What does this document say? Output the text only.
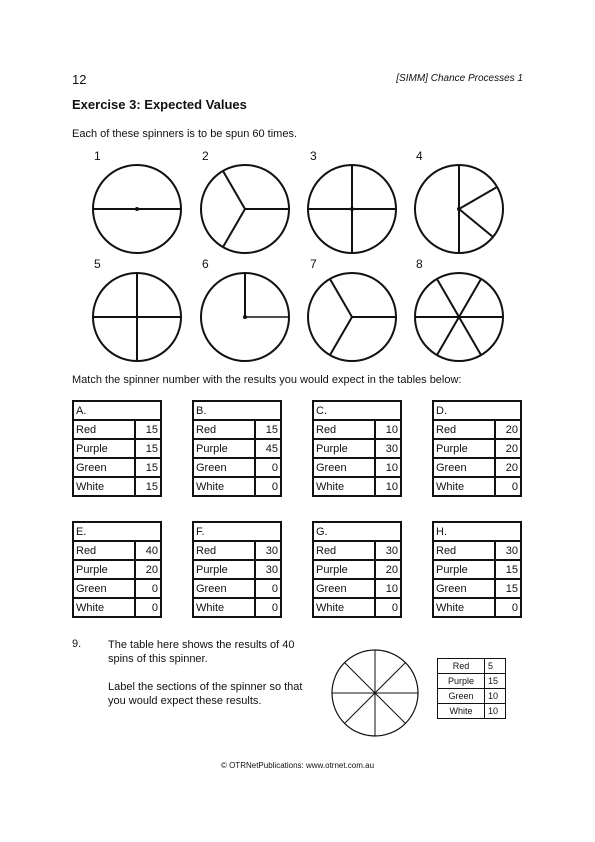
12	[SIMM] Chance Processes 1
Exercise 3: Expected Values
Each of these spinners is to be spun 60 times.
1	2	3	4
5	6	7	8
Match the spinner number with the results you would expect in the tables below:
A.	
Red	15
Purple	15
Green	15
White	15
B.	
Red	15
Purple	45
Green	0
White	0
C.	
Red	10
Purple	30
Green	10
White	10
D.	
Red	20
Purple	20
Green	20
White	0
E.	
Red	40
Purple	20
Green	0
White	0
F.	
Red	30
Purple	30
Green	0
White	0
G.	
Red	30
Purple	20
Green	10
White	0
H.	
Red	30
Purple	15
Green	15
White	0
9. The table here shows the results of 40 spins of this spinner.
Label the sections of the spinner so that you would expect these results.
Red	5
Purple	15
Green	10
White	10
© OTRNetPublications: www.otrnet.com.au
